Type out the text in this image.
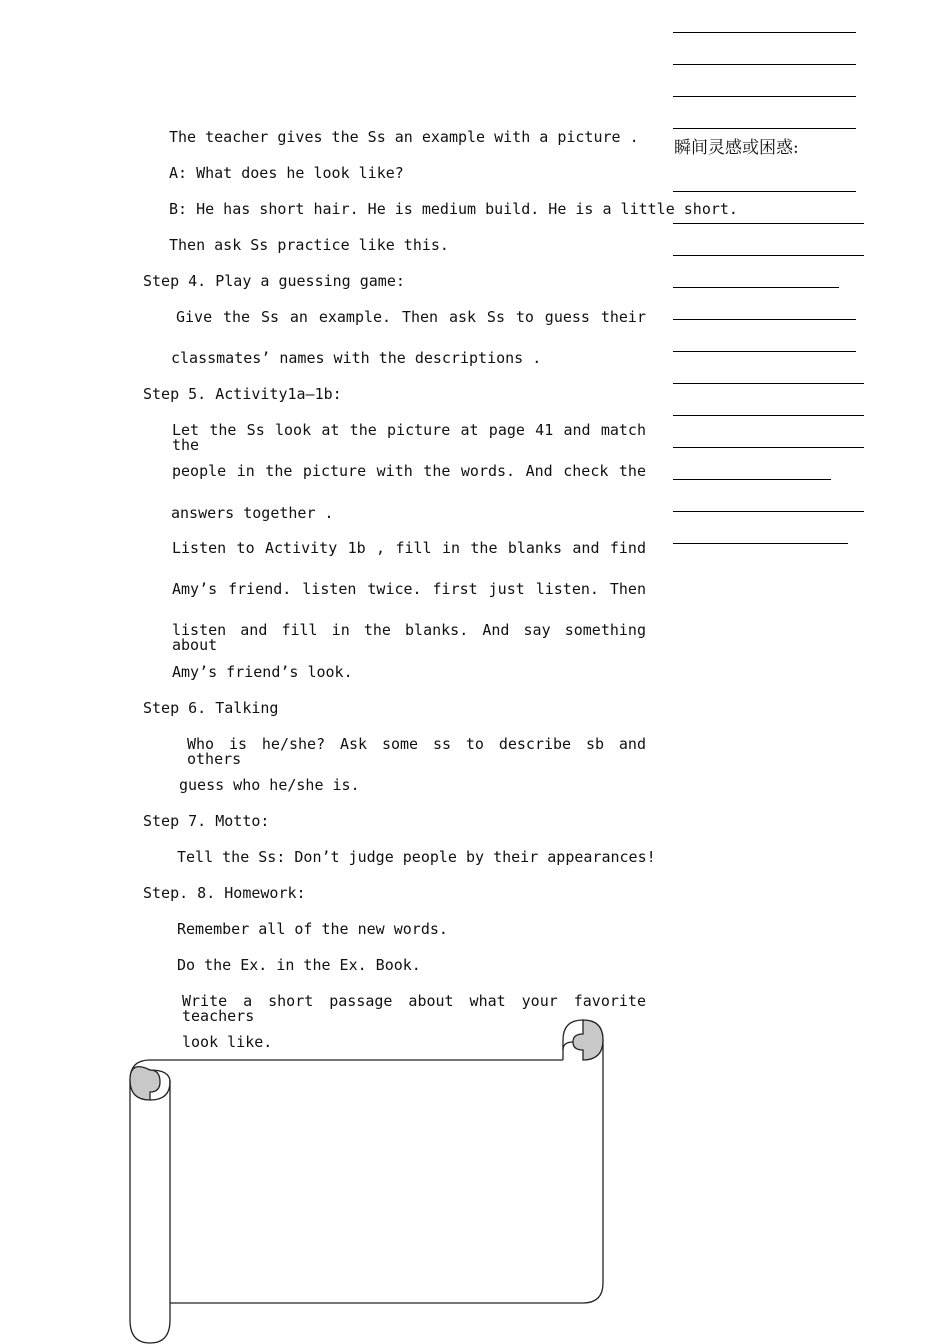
The teacher gives the Ss an example with a picture .
A: What does he look like?
B: He has short hair. He is medium build. He is a little short.
Then ask Ss practice like this.
Step 4. Play a guessing game:
Give the Ss an example. Then ask Ss to guess their
classmates’ names with the descriptions .
Step 5. Activity1a—1b:
Let the Ss look at the picture at page 41 and match the
people in the picture with the words. And check the
answers together .
Listen to Activity 1b , fill in the blanks and find
Amy’s friend. listen twice. first just listen. Then
listen and fill in the blanks. And say something about
Amy’s friend’s look.
Step 6. Talking
Who is he/she? Ask some ss to describe sb and others
guess who he/she is.
Step 7. Motto:
Tell the Ss: Don’t judge people by their appearances!
Step. 8. Homework:
Remember all of the new words.
Do the Ex. in the Ex. Book.
Write a short passage about what your favorite teachers
look like.
瞬间灵感或困惑:
